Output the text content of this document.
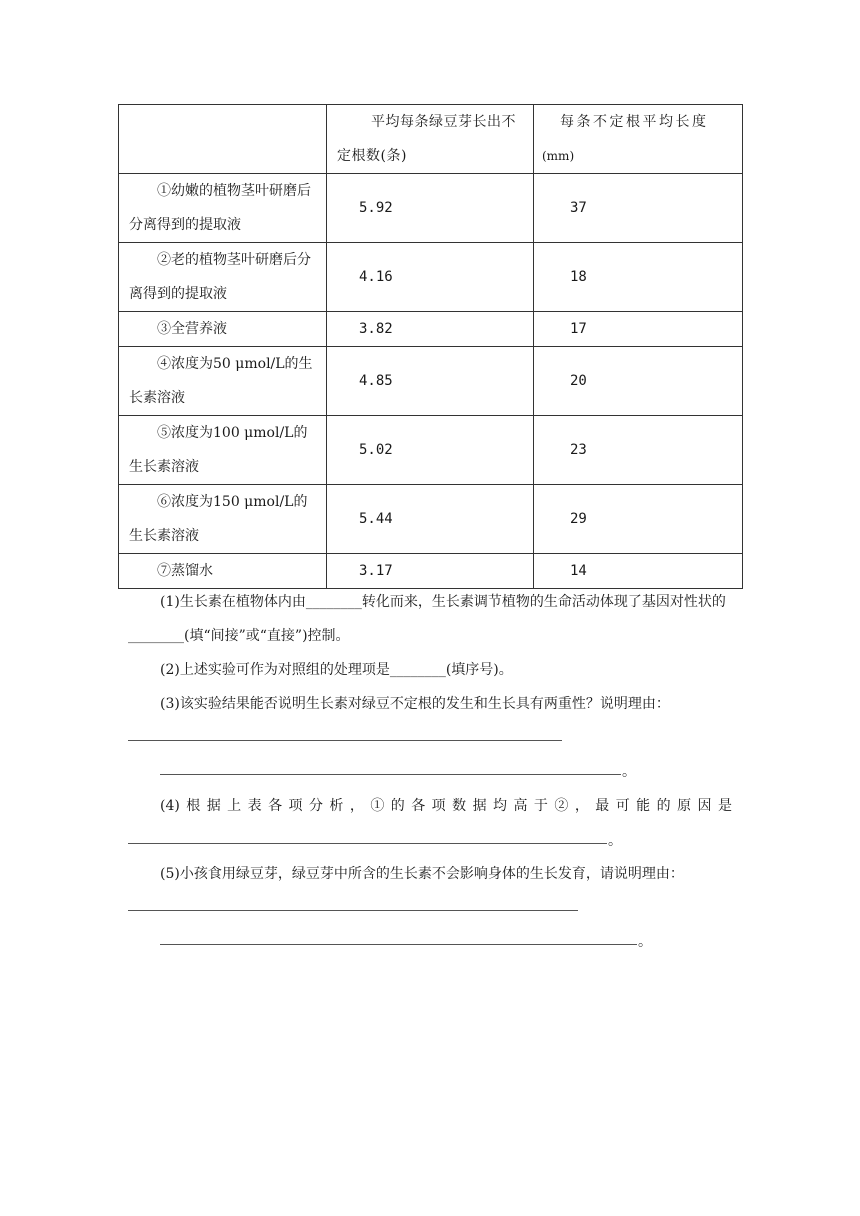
	平均每条绿豆芽长出不定根数(条)	每条不定根平均长度
(mm)
①幼嫩的植物茎叶研磨后分离得到的提取液	5.92	37
②老的植物茎叶研磨后分离得到的提取液	4.16	18
③全营养液	3.82	17
④浓度为50 μmol/L的生长素溶液	4.85	20
⑤浓度为100 μmol/L的生长素溶液	5.02	23
⑥浓度为150 μmol/L的生长素溶液	5.44	29
⑦蒸馏水	3.17	14
(1)生长素在植物体内由________转化而来，生长素调节植物的生命活动体现了基因对性状的________(填“间接”或“直接”)控制。
(2)上述实验可作为对照组的处理项是________(填序号)。
(3)该实验结果能否说明生长素对绿豆不定根的发生和生长具有两重性？说明理由：
。
(4)根据上表各项分析，①的各项数据均高于②，最可能的原因是
。
(5)小孩食用绿豆芽，绿豆芽中所含的生长素不会影响身体的生长发育，请说明理由：
。
